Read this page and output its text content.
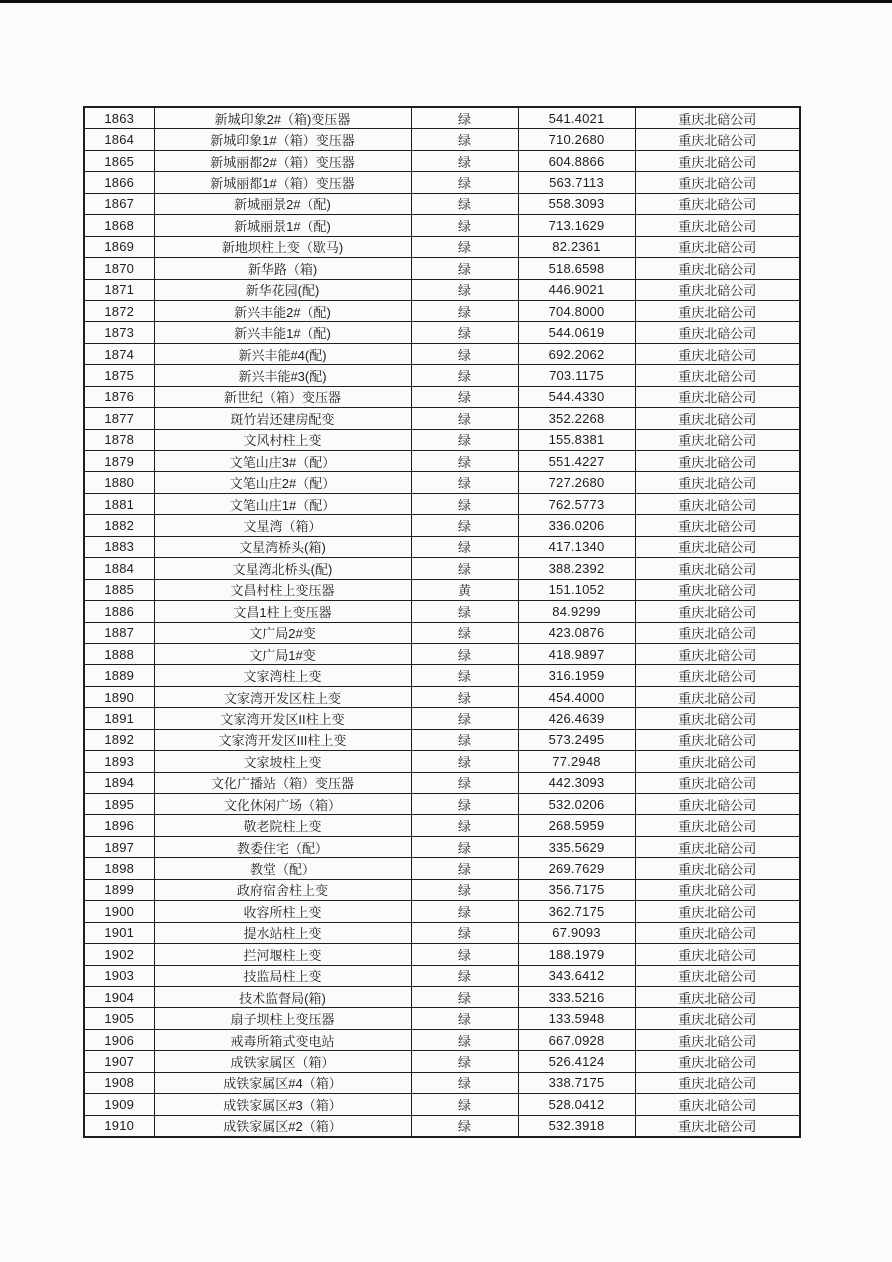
1863	新城印象2#（箱)变压器	绿	541.4021	重庆北碚公司
1864	新城印象1#（箱）变压器	绿	710.2680	重庆北碚公司
1865	新城丽都2#（箱）变压器	绿	604.8866	重庆北碚公司
1866	新城丽都1#（箱）变压器	绿	563.7113	重庆北碚公司
1867	新城丽景2#（配)	绿	558.3093	重庆北碚公司
1868	新城丽景1#（配)	绿	713.1629	重庆北碚公司
1869	新地坝柱上变（歇马)	绿	82.2361	重庆北碚公司
1870	新华路（箱)	绿	518.6598	重庆北碚公司
1871	新华花园(配)	绿	446.9021	重庆北碚公司
1872	新兴丰能2#（配)	绿	704.8000	重庆北碚公司
1873	新兴丰能1#（配)	绿	544.0619	重庆北碚公司
1874	新兴丰能#4(配)	绿	692.2062	重庆北碚公司
1875	新兴丰能#3(配)	绿	703.1175	重庆北碚公司
1876	新世纪（箱）变压器	绿	544.4330	重庆北碚公司
1877	斑竹岩还建房配变	绿	352.2268	重庆北碚公司
1878	文风村柱上变	绿	155.8381	重庆北碚公司
1879	文笔山庄3#（配）	绿	551.4227	重庆北碚公司
1880	文笔山庄2#（配）	绿	727.2680	重庆北碚公司
1881	文笔山庄1#（配）	绿	762.5773	重庆北碚公司
1882	文星湾（箱）	绿	336.0206	重庆北碚公司
1883	文星湾桥头(箱)	绿	417.1340	重庆北碚公司
1884	文星湾北桥头(配)	绿	388.2392	重庆北碚公司
1885	文昌村柱上变压器	黄	151.1052	重庆北碚公司
1886	文昌1柱上变压器	绿	84.9299	重庆北碚公司
1887	文广局2#变	绿	423.0876	重庆北碚公司
1888	文广局1#变	绿	418.9897	重庆北碚公司
1889	文家湾柱上变	绿	316.1959	重庆北碚公司
1890	文家湾开发区柱上变	绿	454.4000	重庆北碚公司
1891	文家湾开发区II柱上变	绿	426.4639	重庆北碚公司
1892	文家湾开发区III柱上变	绿	573.2495	重庆北碚公司
1893	文家坡柱上变	绿	77.2948	重庆北碚公司
1894	文化广播站（箱）变压器	绿	442.3093	重庆北碚公司
1895	文化休闲广场（箱）	绿	532.0206	重庆北碚公司
1896	敬老院柱上变	绿	268.5959	重庆北碚公司
1897	教委住宅（配）	绿	335.5629	重庆北碚公司
1898	教堂（配）	绿	269.7629	重庆北碚公司
1899	政府宿舍柱上变	绿	356.7175	重庆北碚公司
1900	收容所柱上变	绿	362.7175	重庆北碚公司
1901	提水站柱上变	绿	67.9093	重庆北碚公司
1902	拦河堰柱上变	绿	188.1979	重庆北碚公司
1903	技监局柱上变	绿	343.6412	重庆北碚公司
1904	技术监督局(箱)	绿	333.5216	重庆北碚公司
1905	扇子坝柱上变压器	绿	133.5948	重庆北碚公司
1906	戒毒所箱式变电站	绿	667.0928	重庆北碚公司
1907	成铁家属区（箱）	绿	526.4124	重庆北碚公司
1908	成铁家属区#4（箱）	绿	338.7175	重庆北碚公司
1909	成铁家属区#3（箱）	绿	528.0412	重庆北碚公司
1910	成铁家属区#2（箱）	绿	532.3918	重庆北碚公司
